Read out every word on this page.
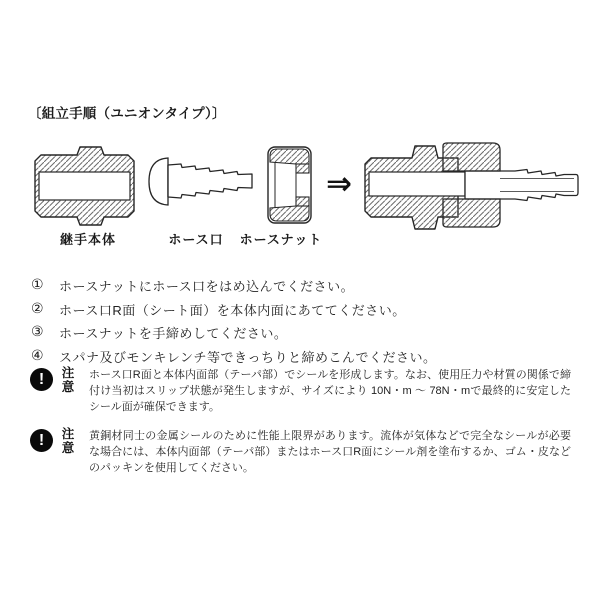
〔組立手順（ユニオンタイプ）〕
⇒
継手本体	ホース口	ホースナット
①	ホースナットにホース口をはめ込んでください。
②	ホース口R面（シート面）を本体内面にあててください。
③	ホースナットを手締めしてください。
④	スパナ及びモンキレンチ等できっちりと締めこんでください。
!	注
意
ホース口R面と本体内面部（テーパ部）でシールを形成します。なお、使用圧力や材質の関係で締付け当初はスリップ状態が発生しますが、サイズにより 10N・m ～ 78N・mで最終的に安定したシール面が確保できます。
!	注
意
黄銅材同士の金属シールのために性能上限界があります。流体が気体などで完全なシールが必要な場合には、本体内面部（テーパ部）またはホース口R面にシール剤を塗布するか、ゴム・皮などのパッキンを使用してください。
